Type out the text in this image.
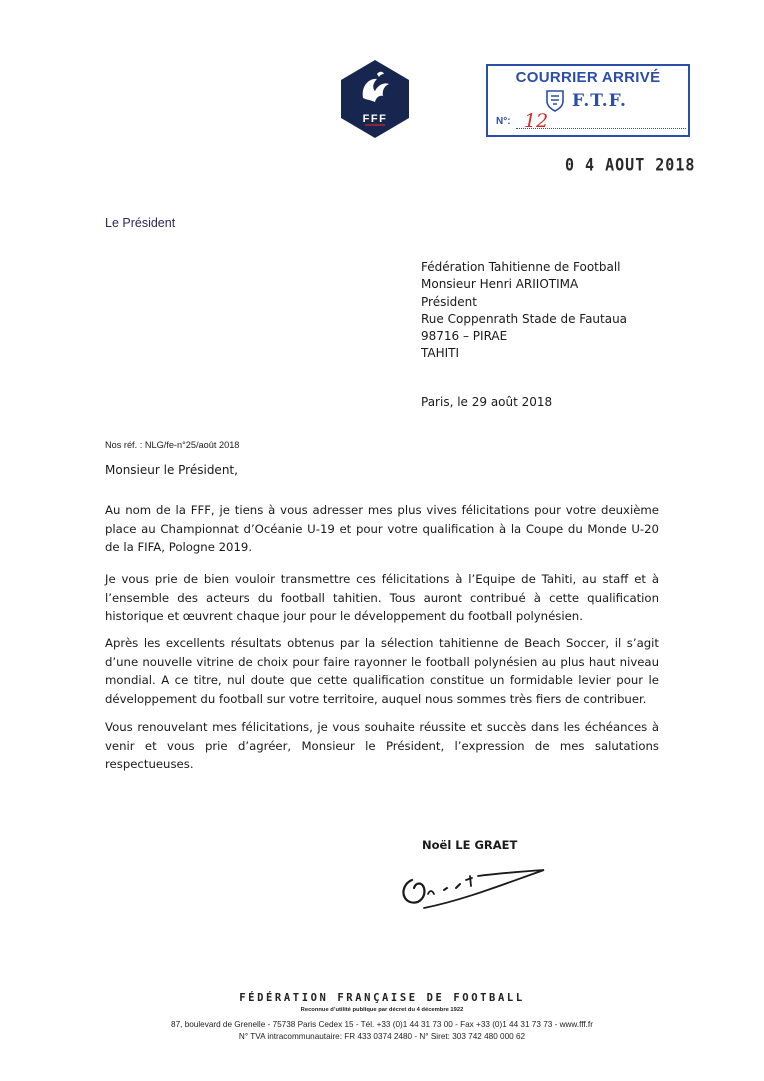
FFF
COURRIER ARRIVÉ
F.T.F.
N°: 12
0 4 AOUT 2018
Le Président
Fédération Tahitienne de Football
Monsieur Henri ARIIOTIMA
Président
Rue Coppenrath Stade de Fautaua
98716 – PIRAE
TAHITI
Paris, le 29 août 2018
Nos réf. : NLG/fe-n°25/août 2018
Monsieur le Président,
Au nom de la FFF, je tiens à vous adresser mes plus vives félicitations pour votre deuxième place au Championnat d’Océanie U-19 et pour votre qualification à la Coupe du Monde U-20 de la FIFA, Pologne 2019.
Je vous prie de bien vouloir transmettre ces félicitations à l’Equipe de Tahiti, au staff et à l’ensemble des acteurs du football tahitien. Tous auront contribué à cette qualification historique et œuvrent chaque jour pour le développement du football polynésien.
Après les excellents résultats obtenus par la sélection tahitienne de Beach Soccer, il s’agit d’une nouvelle vitrine de choix pour faire rayonner le football polynésien au plus haut niveau mondial. A ce titre, nul doute que cette qualification constitue un formidable levier pour le développement du football sur votre territoire, auquel nous sommes très fiers de contribuer.
Vous renouvelant mes félicitations, je vous souhaite réussite et succès dans les échéances à venir et vous prie d’agréer, Monsieur le Président, l’expression de mes salutations respectueuses.
Noël LE GRAET
FÉDÉRATION FRANÇAISE DE FOOTBALL
Reconnue d’utilité publique par décret du 4 décembre 1922
87, boulevard de Grenelle - 75738 Paris Cedex 15 - Tél. +33 (0)1 44 31 73 00 - Fax +33 (0)1 44 31 73 73 - www.fff.fr
N° TVA intracommunautaire: FR 433 0374 2480 - N° Siret: 303 742 480 000 62
